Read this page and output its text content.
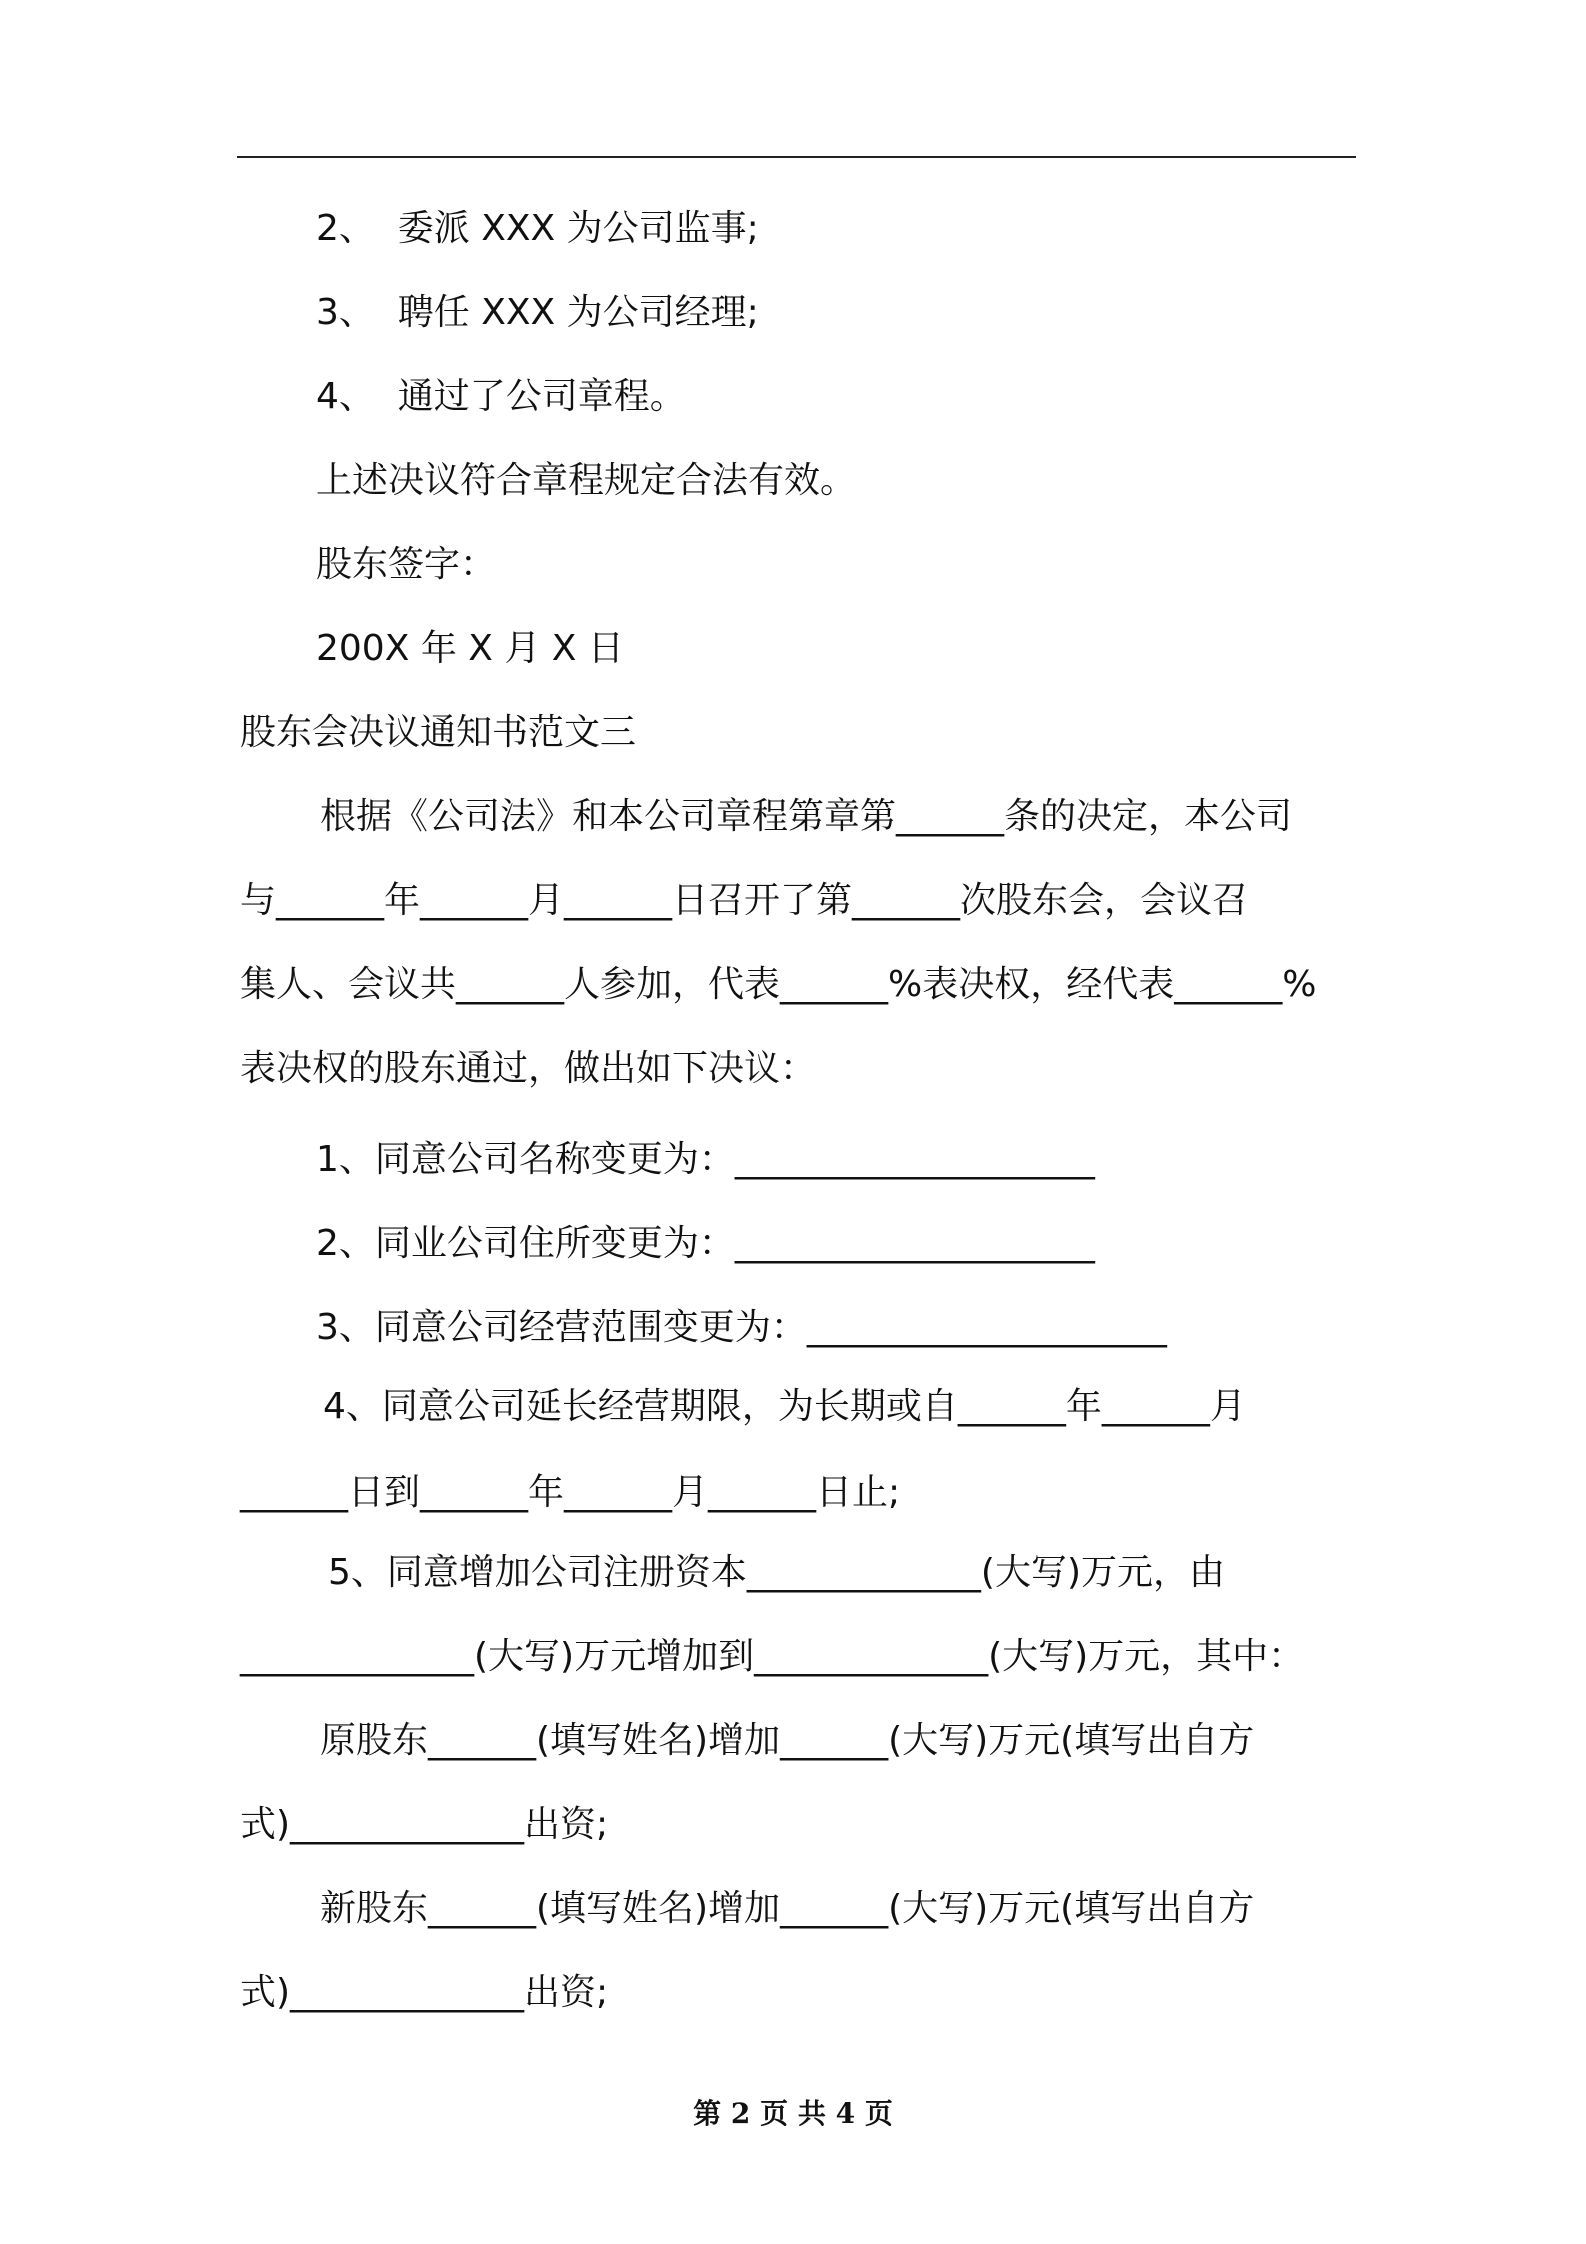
2、  委派 XXX 为公司监事;

3、  聘任 XXX 为公司经理;

4、  通过了公司章程。

上述决议符合章程规定合法有效。

股东签字：

200X 年 X 月 X 日

股东会决议通知书范文三

根据《公司法》和本公司章程第章第______条的决定，本公司

与______年______月______日召开了第______次股东会，会议召

集人、会议共______人参加，代表______%表决权，经代表______%

表决权的股东通过，做出如下决议：

1、同意公司名称变更为：____________________

2、同业公司住所变更为：____________________

3、同意公司经营范围变更为：____________________

4、同意公司延长经营期限，为长期或自______年______月

______日到______年______月______日止;

5、同意增加公司注册资本_____________(大写)万元，由

_____________(大写)万元增加到_____________(大写)万元，其中：

原股东______(填写姓名)增加______(大写)万元(填写出自方

式)_____________出资;

新股东______(填写姓名)增加______(大写)万元(填写出自方

式)_____________出资;

第 2 页 共 4 页
